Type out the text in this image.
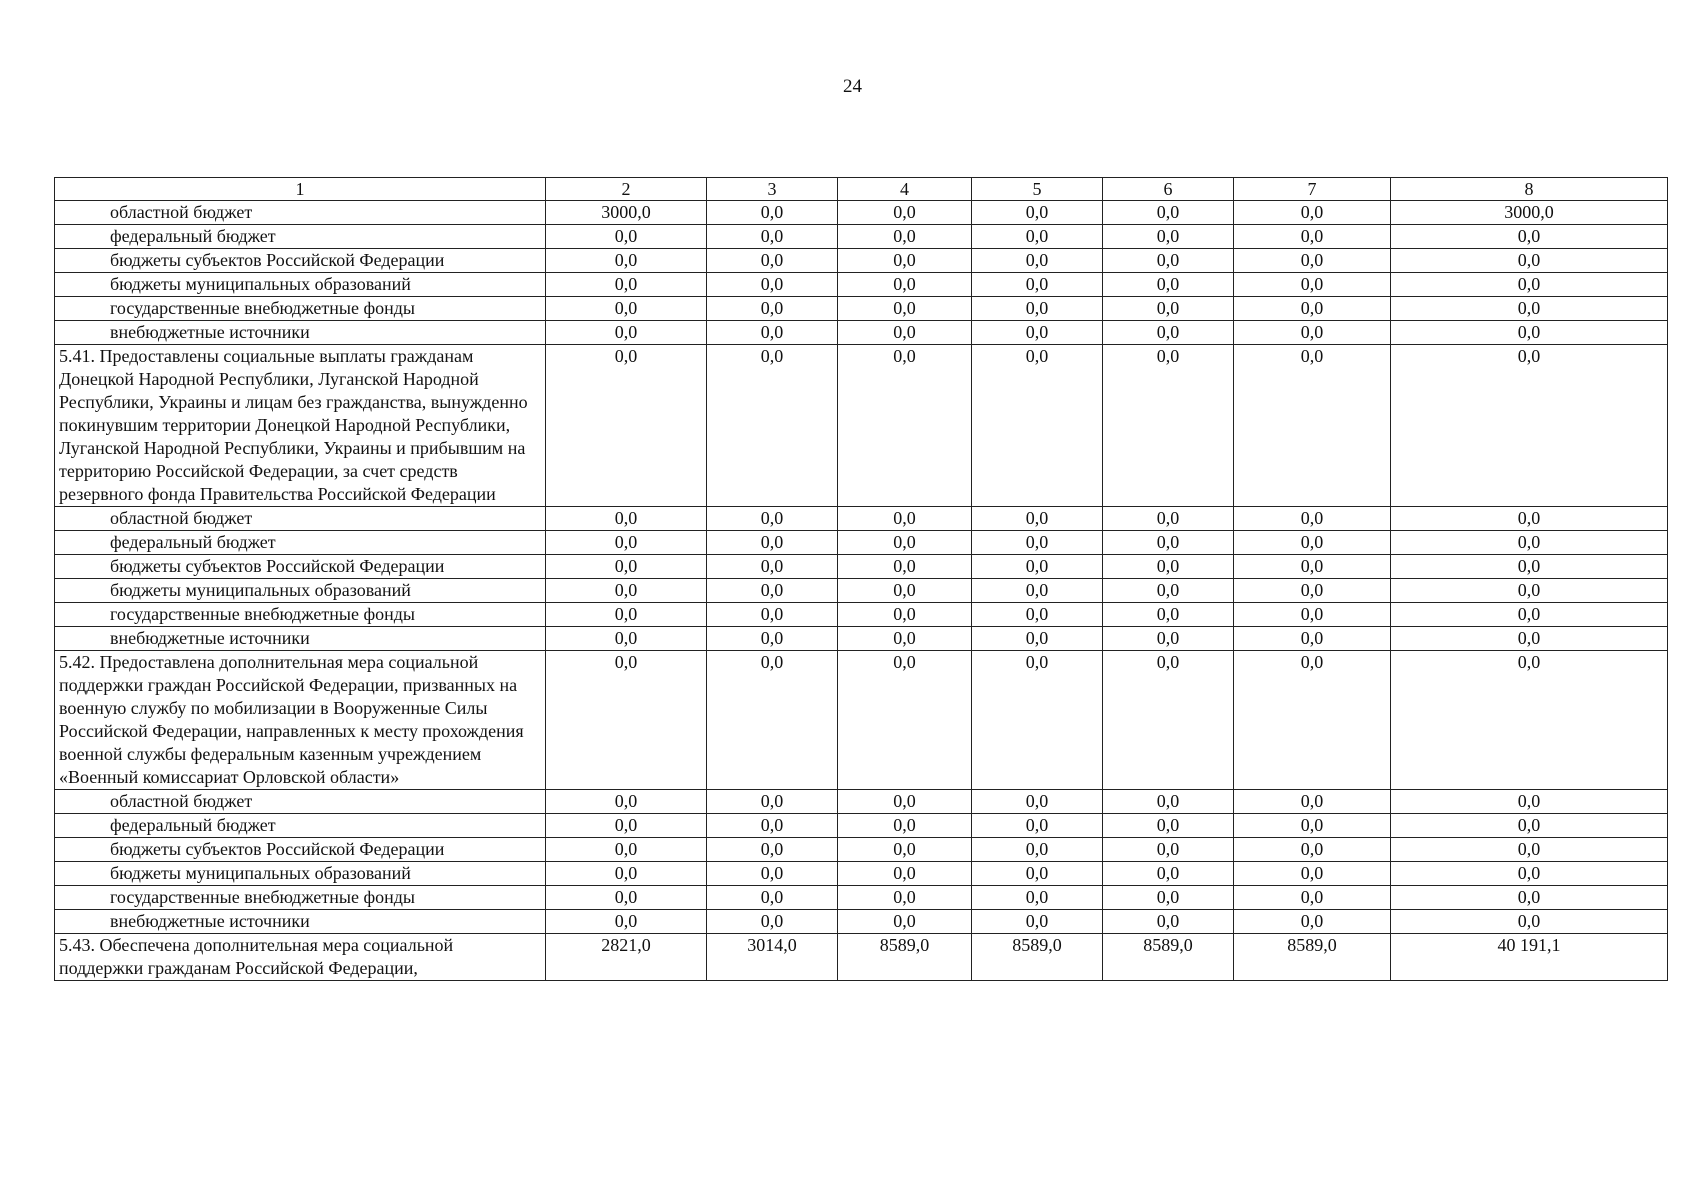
24
1	2	3	4	5	6	7	8
областной бюджет	3000,0	0,0	0,0	0,0	0,0	0,0	3000,0
федеральный бюджет	0,0	0,0	0,0	0,0	0,0	0,0	0,0
бюджеты субъектов Российской Федерации	0,0	0,0	0,0	0,0	0,0	0,0	0,0
бюджеты муниципальных образований	0,0	0,0	0,0	0,0	0,0	0,0	0,0
государственные внебюджетные фонды	0,0	0,0	0,0	0,0	0,0	0,0	0,0
внебюджетные источники	0,0	0,0	0,0	0,0	0,0	0,0	0,0
5.41. Предоставлены социальные выплаты гражданам Донецкой Народной Республики, Луганской Народной Республики, Украины и лицам без гражданства, вынужденно покинувшим территории Донецкой Народной Республики, Луганской Народной Республики, Украины и прибывшим на территорию Российской Федерации, за счет средств резервного фонда Правительства Российской Федерации	0,0	0,0	0,0	0,0	0,0	0,0	0,0
областной бюджет	0,0	0,0	0,0	0,0	0,0	0,0	0,0
федеральный бюджет	0,0	0,0	0,0	0,0	0,0	0,0	0,0
бюджеты субъектов Российской Федерации	0,0	0,0	0,0	0,0	0,0	0,0	0,0
бюджеты муниципальных образований	0,0	0,0	0,0	0,0	0,0	0,0	0,0
государственные внебюджетные фонды	0,0	0,0	0,0	0,0	0,0	0,0	0,0
внебюджетные источники	0,0	0,0	0,0	0,0	0,0	0,0	0,0
5.42. Предоставлена дополнительная мера социальной поддержки граждан Российской Федерации, призванных на военную службу по мобилизации в Вооруженные Силы Российской Федерации, направленных к месту прохождения военной службы федеральным казенным учреждением «Военный комиссариат Орловской области»	0,0	0,0	0,0	0,0	0,0	0,0	0,0
областной бюджет	0,0	0,0	0,0	0,0	0,0	0,0	0,0
федеральный бюджет	0,0	0,0	0,0	0,0	0,0	0,0	0,0
бюджеты субъектов Российской Федерации	0,0	0,0	0,0	0,0	0,0	0,0	0,0
бюджеты муниципальных образований	0,0	0,0	0,0	0,0	0,0	0,0	0,0
государственные внебюджетные фонды	0,0	0,0	0,0	0,0	0,0	0,0	0,0
внебюджетные источники	0,0	0,0	0,0	0,0	0,0	0,0	0,0
5.43. Обеспечена дополнительная мера социальной поддержки гражданам Российской Федерации,	2821,0	3014,0	8589,0	8589,0	8589,0	8589,0	40 191,1
